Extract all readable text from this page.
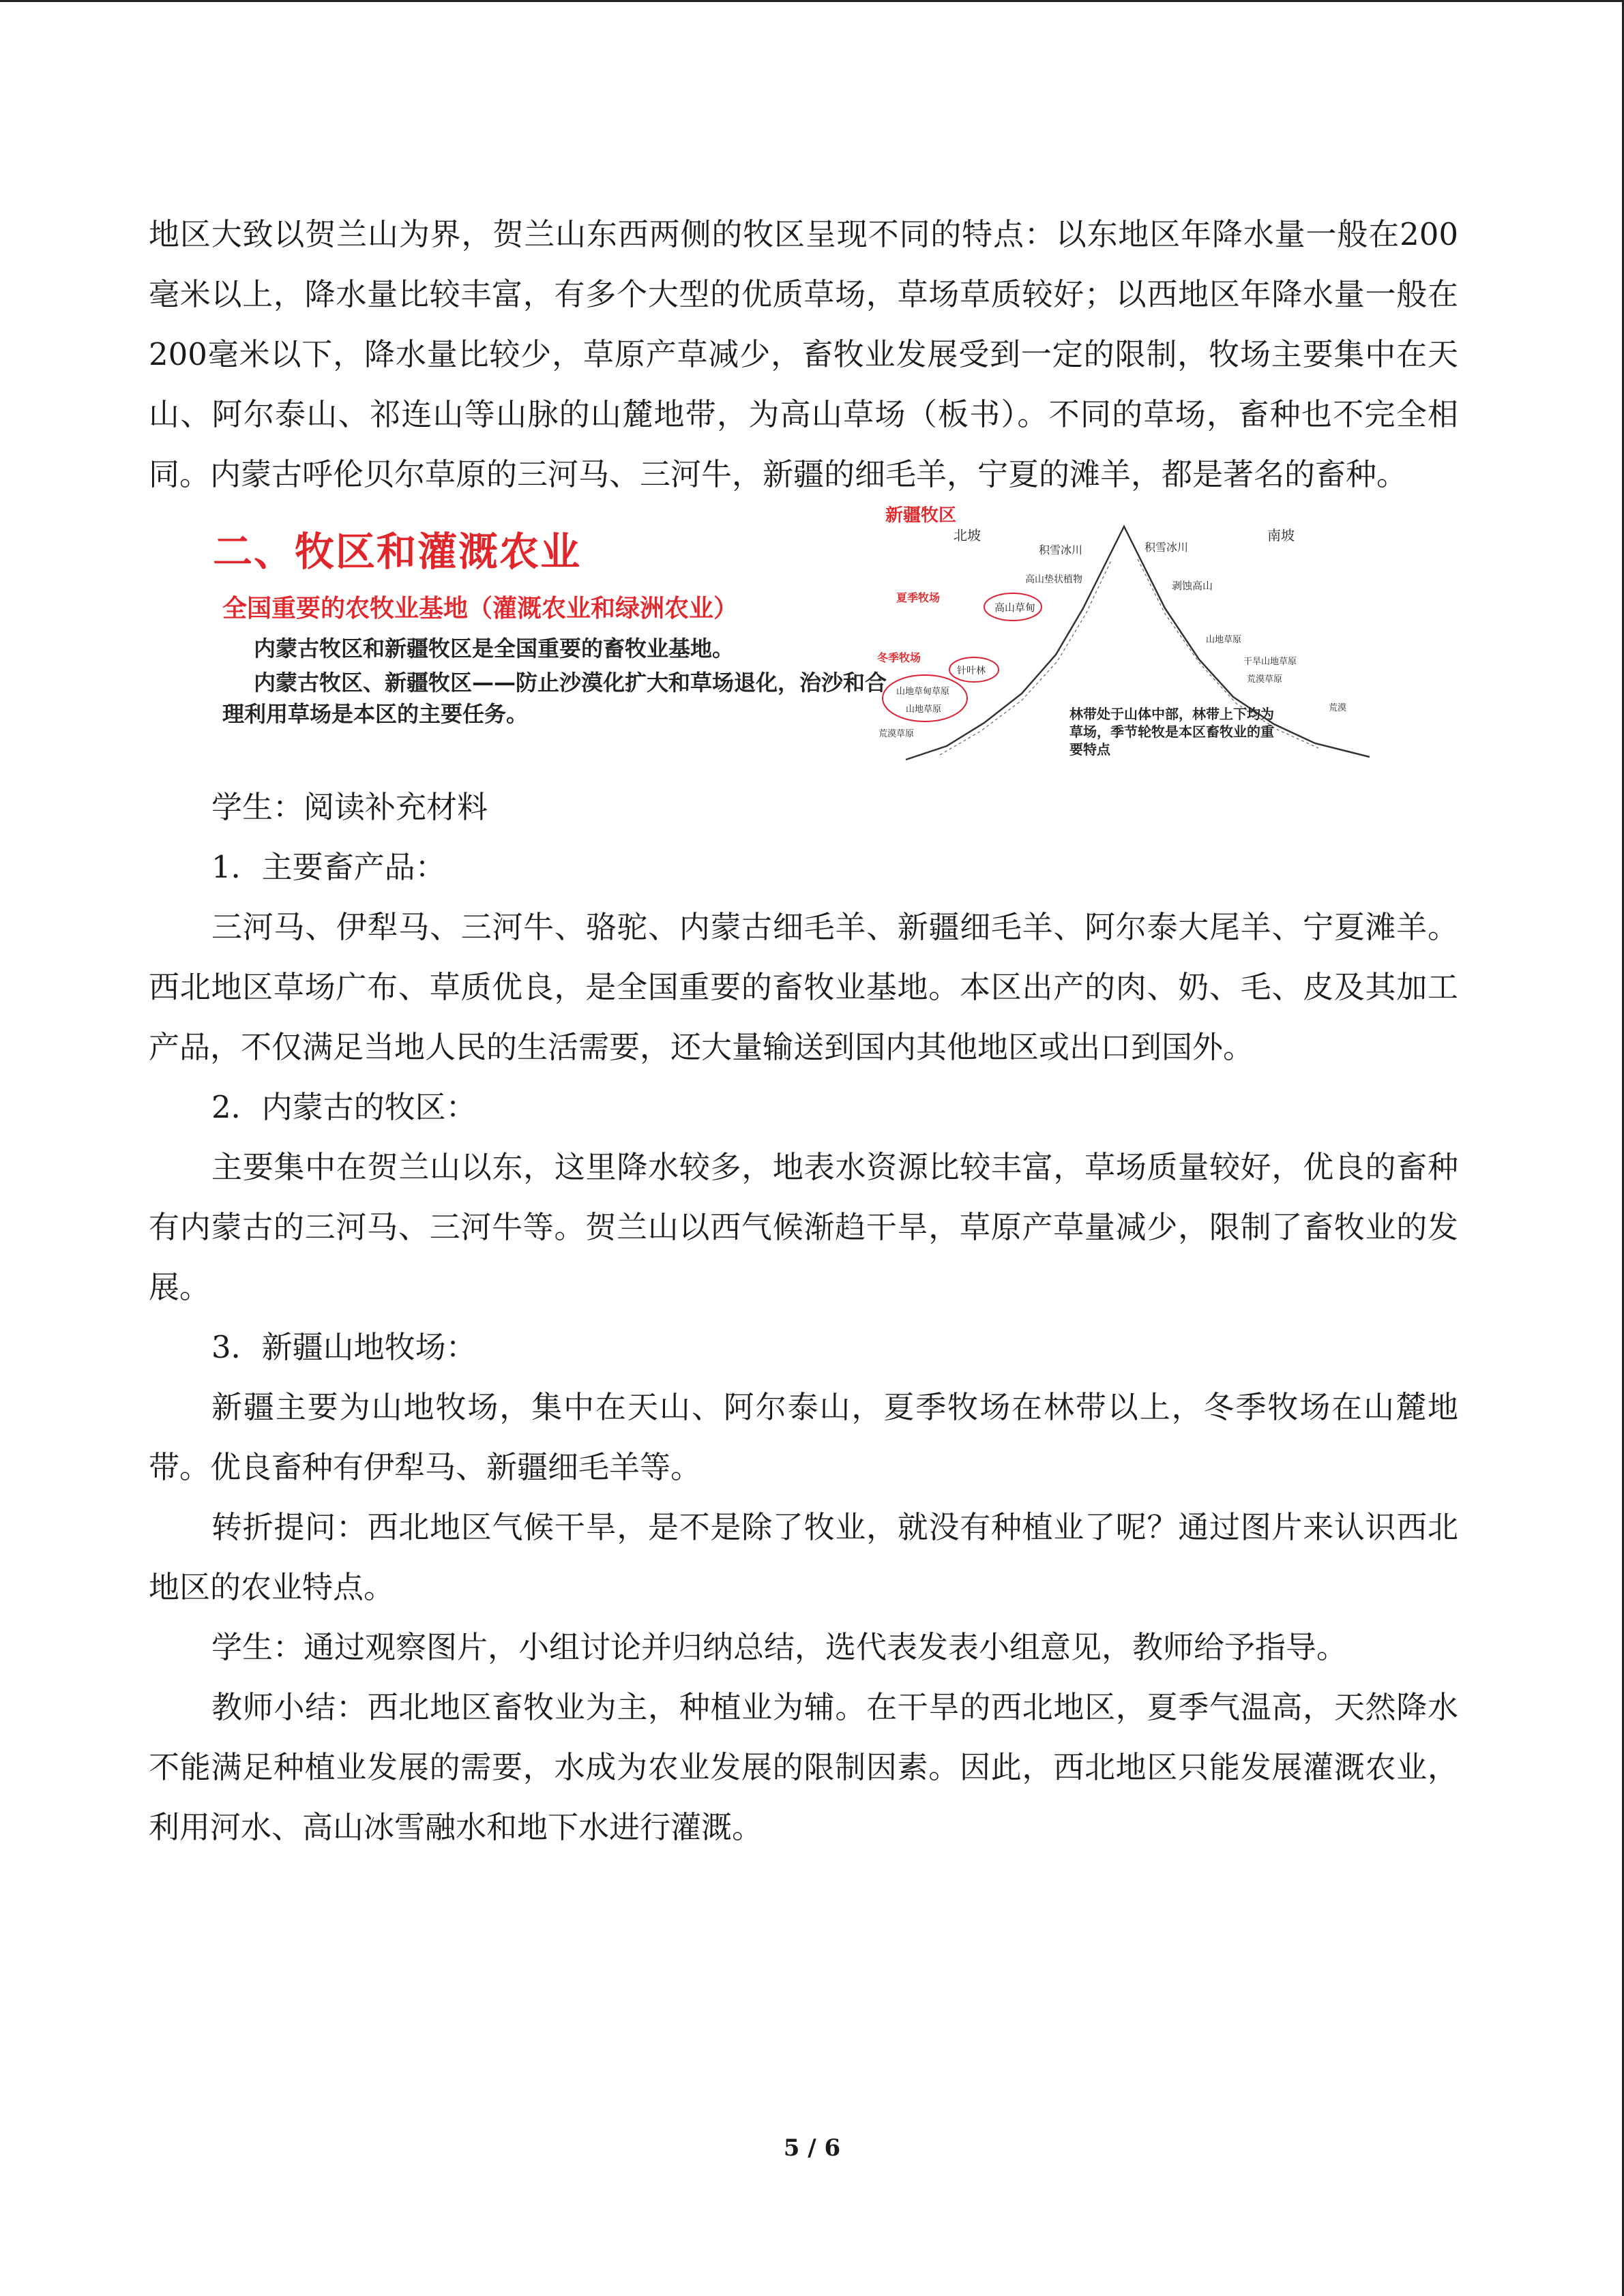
地区大致以贺兰山为界，贺兰山东西两侧的牧区呈现不同的特点：以东地区年降水量一般在200毫米以上，降水量比较丰富，有多个大型的优质草场，草场草质较好；以西地区年降水量一般在200毫米以下，降水量比较少，草原产草减少，畜牧业发展受到一定的限制，牧场主要集中在天山、阿尔泰山、祁连山等山脉的山麓地带，为高山草场（板书）。不同的草场，畜种也不完全相同。内蒙古呼伦贝尔草原的三河马、三河牛，新疆的细毛羊，宁夏的滩羊，都是著名的畜种。

二、牧区和灌溉农业
全国重要的农牧业基地（灌溉农业和绿洲农业）
内蒙古牧区和新疆牧区是全国重要的畜牧业基地。
内蒙古牧区、新疆牧区——防止沙漠化扩大和草场退化，治沙和合理利用草场是本区的主要任务。
新疆牧区
北坡	南坡
积雪冰川	积雪冰川
高山垫状植物	剥蚀高山
夏季牧场
高山草甸
冬季牧场
针叶林
山地草甸草原
山地草原
荒漠草原
山地草原
干旱山地草原
荒漠草原
荒漠
林带处于山体中部，林带上下均为草场，季节轮牧是本区畜牧业的重要特点

学生：阅读补充材料

1．主要畜产品：

三河马、伊犁马、三河牛、骆驼、内蒙古细毛羊、新疆细毛羊、阿尔泰大尾羊、宁夏滩羊。西北地区草场广布、草质优良，是全国重要的畜牧业基地。本区出产的肉、奶、毛、皮及其加工产品，不仅满足当地人民的生活需要，还大量输送到国内其他地区或出口到国外。

2．内蒙古的牧区：

主要集中在贺兰山以东，这里降水较多，地表水资源比较丰富，草场质量较好，优良的畜种有内蒙古的三河马、三河牛等。贺兰山以西气候渐趋干旱，草原产草量减少，限制了畜牧业的发展。

3．新疆山地牧场：

新疆主要为山地牧场，集中在天山、阿尔泰山，夏季牧场在林带以上，冬季牧场在山麓地带。优良畜种有伊犁马、新疆细毛羊等。

转折提问：西北地区气候干旱，是不是除了牧业，就没有种植业了呢？通过图片来认识西北地区的农业特点。

学生：通过观察图片，小组讨论并归纳总结，选代表发表小组意见，教师给予指导。

教师小结：西北地区畜牧业为主，种植业为辅。在干旱的西北地区，夏季气温高，天然降水不能满足种植业发展的需要，水成为农业发展的限制因素。因此，西北地区只能发展灌溉农业，利用河水、高山冰雪融水和地下水进行灌溉。

5 / 6
